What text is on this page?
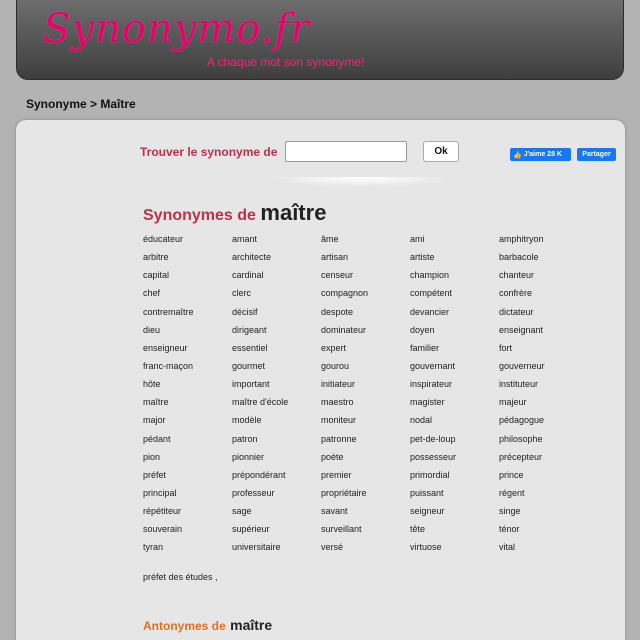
Synonymo.fr
A chaque mot son synonyme!
Synonyme > Maître
Trouver le synonyme de	Ok	👍 J'aime 28 K	Partager
Synonymes de maître
éducateur	amant	âme	ami	amphitryon
arbitre	architecte	artisan	artiste	barbacole
capital	cardinal	censeur	champion	chanteur
chef	clerc	compagnon	compétent	confrère
contremaître	décisif	despote	devancier	dictateur
dieu	dirigeant	dominateur	doyen	enseignant
enseigneur	essentiel	expert	familier	fort
franc-maçon	gourmet	gourou	gouvernant	gouverneur
hôte	important	initiateur	inspirateur	instituteur
maître	maître d'école	maestro	magister	majeur
major	modèle	moniteur	nodal	pédagogue
pédant	patron	patronne	pet-de-loup	philosophe
pion	pionnier	poète	possesseur	précepteur
préfet	prépondérant	premier	primordial	prince
principal	professeur	propriétaire	puissant	régent
répétiteur	sage	savant	seigneur	singe
souverain	supérieur	surveillant	tête	ténor
tyran	universitaire	versé	virtuose	vital
préfet des études ,
Antonymes de maître
